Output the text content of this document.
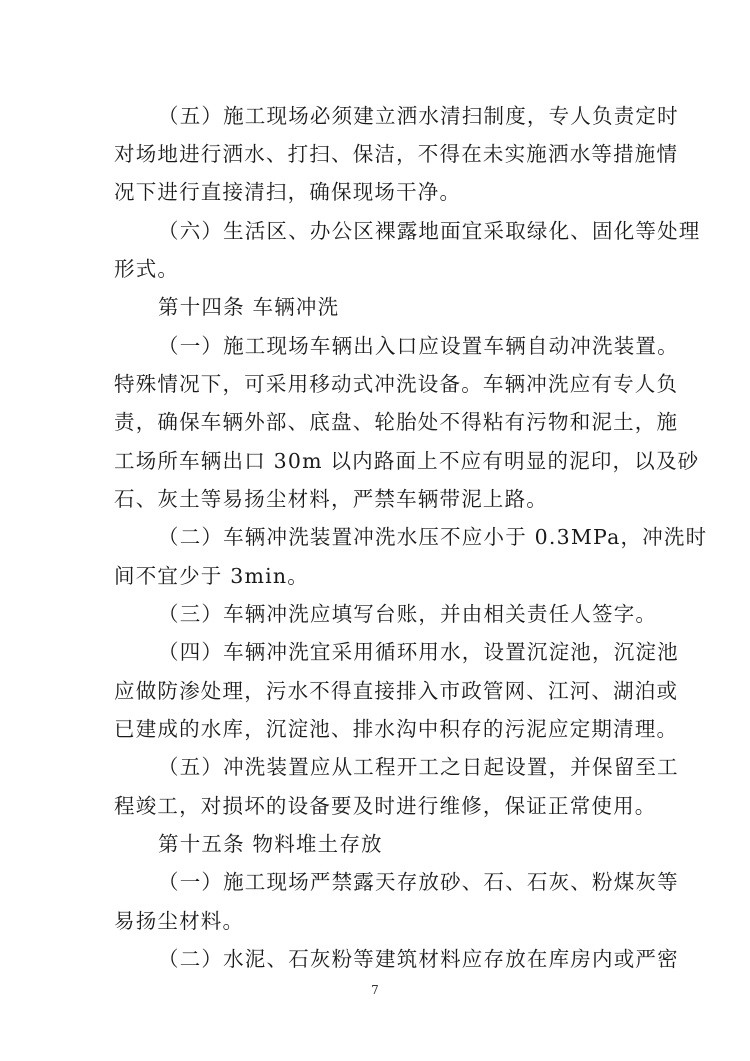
（五）施工现场必须建立洒水清扫制度，专人负责定时
对场地进行洒水、打扫、保洁，不得在未实施洒水等措施情
况下进行直接清扫，确保现场干净。
（六）生活区、办公区裸露地面宜采取绿化、固化等处理
形式。
第十四条 车辆冲洗
（一）施工现场车辆出入口应设置车辆自动冲洗装置。
特殊情况下，可采用移动式冲洗设备。车辆冲洗应有专人负
责，确保车辆外部、底盘、轮胎处不得粘有污物和泥土，施
工场所车辆出口 30m 以内路面上不应有明显的泥印，以及砂
石、灰土等易扬尘材料，严禁车辆带泥上路。
（二）车辆冲洗装置冲洗水压不应小于 0.3MPa，冲洗时
间不宜少于 3min。
（三）车辆冲洗应填写台账，并由相关责任人签字。
（四）车辆冲洗宜采用循环用水，设置沉淀池，沉淀池
应做防渗处理，污水不得直接排入市政管网、江河、湖泊或
已建成的水库，沉淀池、排水沟中积存的污泥应定期清理。
（五）冲洗装置应从工程开工之日起设置，并保留至工
程竣工，对损坏的设备要及时进行维修，保证正常使用。
第十五条 物料堆土存放
（一）施工现场严禁露天存放砂、石、石灰、粉煤灰等
易扬尘材料。
（二）水泥、石灰粉等建筑材料应存放在库房内或严密
7
